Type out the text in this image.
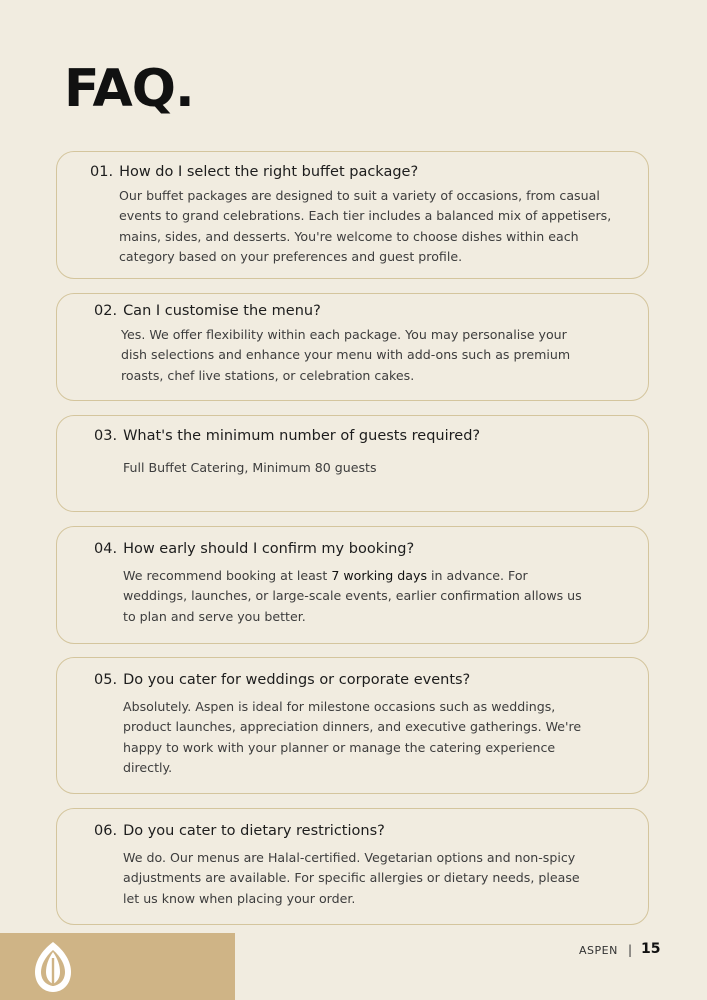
FAQ.
01. How do I select the right buffet package?
Our buffet packages are designed to suit a variety of occasions, from casual
events to grand celebrations. Each tier includes a balanced mix of appetisers,
mains, sides, and desserts. You're welcome to choose dishes within each
category based on your preferences and guest profile.
02. Can I customise the menu?
Yes. We offer flexibility within each package. You may personalise your
dish selections and enhance your menu with add-ons such as premium
roasts, chef live stations, or celebration cakes.
03. What's the minimum number of guests required?
Full Buffet Catering, Minimum 80 guests
04. How early should I confirm my booking?
We recommend booking at least 7 working days in advance. For
weddings, launches, or large-scale events, earlier confirmation allows us
to plan and serve you better.
05. Do you cater for weddings or corporate events?
Absolutely. Aspen is ideal for milestone occasions such as weddings,
product launches, appreciation dinners, and executive gatherings. We're
happy to work with your planner or manage the catering experience
directly.
06. Do you cater to dietary restrictions?
We do. Our menus are Halal-certified. Vegetarian options and non-spicy
adjustments are available. For specific allergies or dietary needs, please
let us know when placing your order.
ASPEN | 15
